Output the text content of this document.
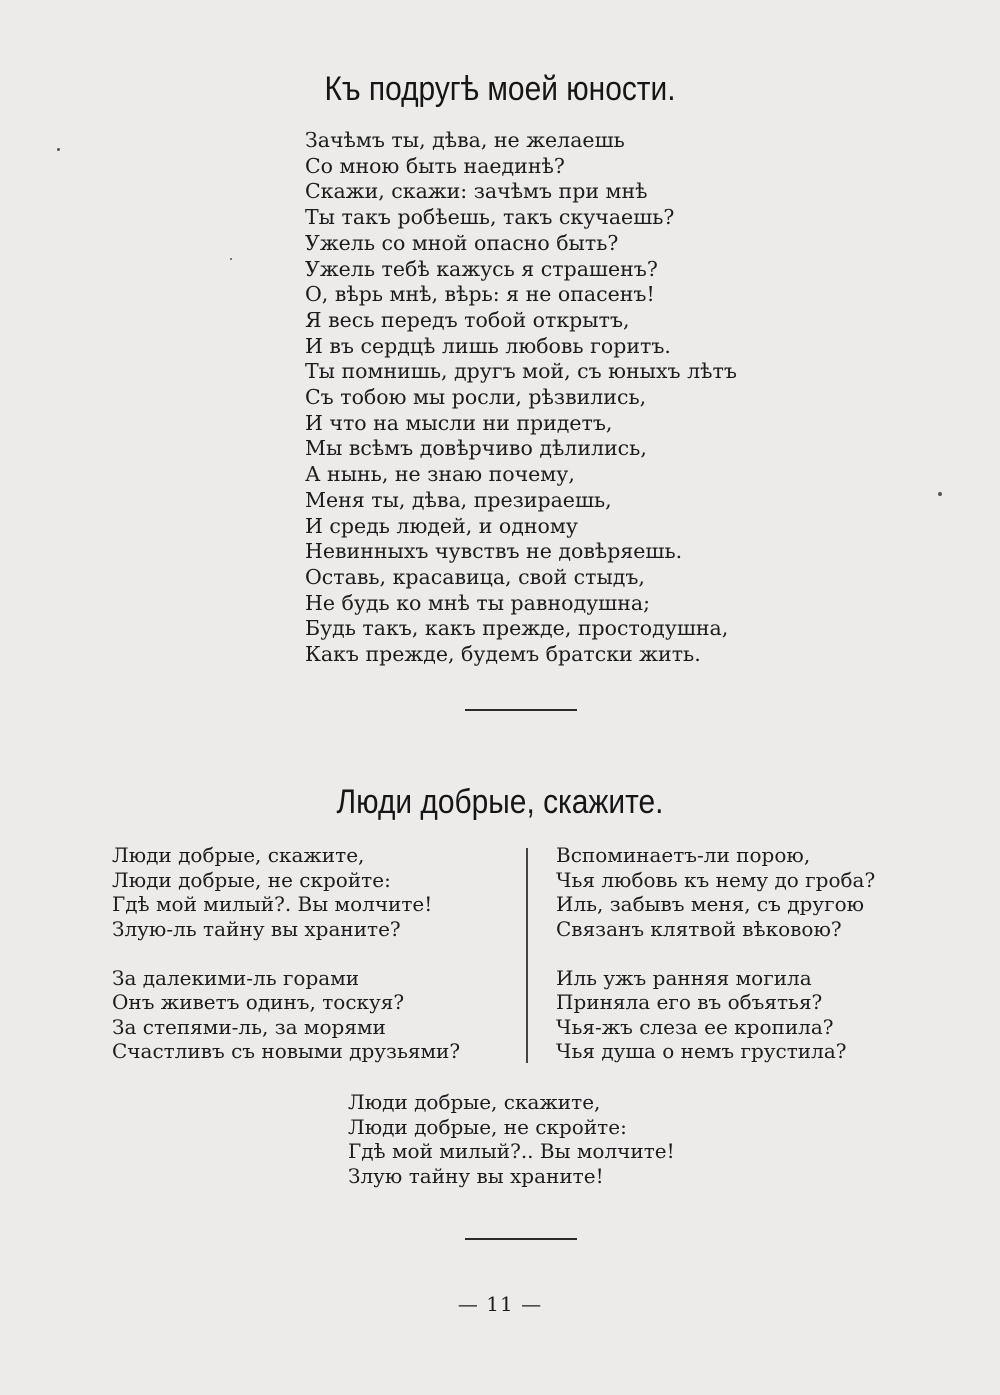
Къ подругѣ моей юности.
Зачѣмъ ты, дѣва, не желаешь
Со мною быть наединѣ?
Скажи, скажи: зачѣмъ при мнѣ
Ты такъ робѣешь, такъ скучаешь?
Ужель со мной опасно быть?
Ужель тебѣ кажусь я страшенъ?
О, вѣрь мнѣ, вѣрь: я не опасенъ!
Я весь передъ тобой открытъ,
И въ сердцѣ лишь любовь горитъ.
Ты помнишь, другъ мой, съ юныхъ лѣтъ
Съ тобою мы росли, рѣзвились,
И что на мысли ни придетъ,
Мы всѣмъ довѣрчиво дѣлились,
А нынь, не знаю почему,
Меня ты, дѣва, презираешь,
И средь людей, и одному
Невинныхъ чувствъ не довѣряешь.
Оставь, красавица, свой стыдъ,
Не будь ко мнѣ ты равнодушна;
Будь такъ, какъ прежде, простодушна,
Какъ прежде, будемъ братски жить.
Люди добрые, скажите.
Люди добрые, скажите,
Люди добрые, не скройте:
Гдѣ мой милый?. Вы молчите!
Злую-ль тайну вы храните?
За далекими-ль горами
Онъ живетъ одинъ, тоскуя?
За степями-ль, за морями
Счастливъ съ новыми друзьями?
Вспоминаетъ-ли порою,
Чья любовь къ нему до гроба?
Иль, забывъ меня, съ другою
Связанъ клятвой вѣковою?
Иль ужъ ранняя могила
Приняла его въ объятья?
Чья-жъ слеза ее кропила?
Чья душа о немъ грустила?
Люди добрые, скажите,
Люди добрые, не скройте:
Гдѣ мой милый?.. Вы молчите!
Злую тайну вы храните!
— 11 —
